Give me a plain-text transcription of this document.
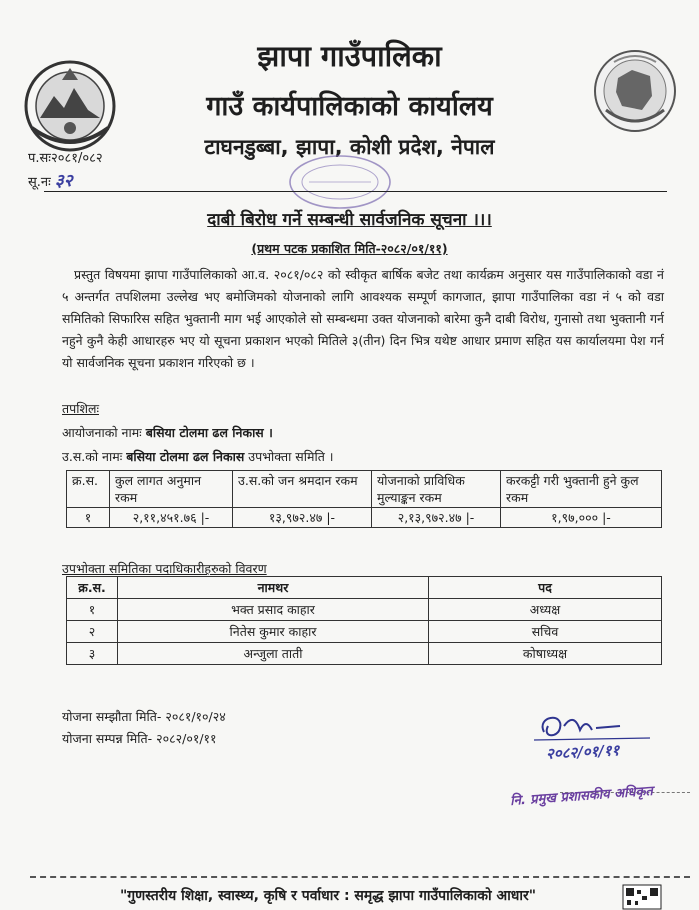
झापा गाउँपालिका
गाउँ कार्यपालिकाको कार्यालय
टाघनडुब्बा, झापा, कोशी प्रदेश, नेपाल
प.सः२०८१/०८२
सू.नः ३२
दाबी बिरोध गर्ने सम्बन्धी सार्वजनिक सूचना ।।।
(प्रथम पटक प्रकाशित मिति-२०८२/०१/११)
प्रस्तुत विषयमा झापा गाउँपालिकाको आ.व. २०८१/०८२ को स्वीकृत बार्षिक बजेट तथा कार्यक्रम अनुसार यस गाउँपालिकाको वडा नं ५ अन्तर्गत तपशिलमा उल्लेख भए बमोजिमको योजनाको लागि आवश्यक सम्पूर्ण कागजात, झापा गाउँपालिका वडा नं ५ को वडा समितिको सिफारिस सहित भुक्तानी माग भई आएकोले सो सम्बन्धमा उक्त योजनाको बारेमा कुनै दाबी विरोध, गुनासो तथा भुक्तानी गर्न नहुने कुनै केही आधारहरु भए यो सूचना प्रकाशन भएको मितिले ३(तीन) दिन भित्र यथेष्ट आधार प्रमाण सहित यस कार्यालयमा पेश गर्न यो सार्वजनिक सूचना प्रकाशन गरिएको छ ।
तपशिलः
आयोजनाको नामः बसिया टोलमा ढल निकास ।
उ.स.को नामः बसिया टोलमा ढल निकास उपभोक्ता समिति ।
क्र.स.	कुल लागत अनुमान रकम	उ.स.को जन श्रमदान रकम	योजनाको प्राविधिक मुल्याङ्कन रकम	करकट्टी गरी भुक्तानी हुने कुल रकम
१	२,११,४५१.७६ |-	१३,९७२.४७ |-	२,१३,९७२.४७ |-	१,९७,००० |-
उपभोक्ता समितिका पदाधिकारीहरुको विवरण
क्र.स.	नामथर	पद
१	भक्त प्रसाद काहार	अध्यक्ष
२	नितेस कुमार काहार	सचिव
३	अन्जुला ताती	कोषाध्यक्ष
योजना सम्झौता मिति- २०८१/१०/२४
योजना सम्पन्न मिति- २०८२/०१/११
२०८२/०१/११
नि. प्रमुख प्रशासकीय अधिकृत
"गुणस्तरीय शिक्षा, स्वास्थ्य, कृषि र पर्वाधार : समृद्ध झापा गाउँपालिकाको आधार"
